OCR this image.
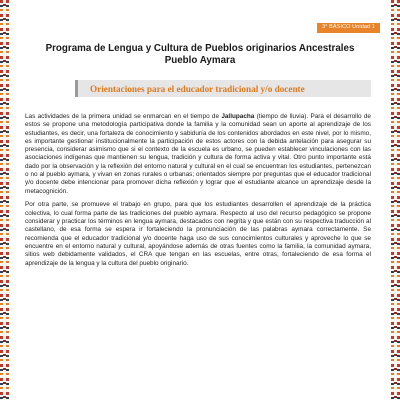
3° BÁSICO Unidad 1
Programa de Lengua y Cultura de Pueblos originarios Ancestrales
Pueblo Aymara
Orientaciones para el educador tradicional y/o docente

Las actividades de la primera unidad se enmarcan en el tiempo de Jallupacha (tiempo de lluvia). Para el desarrollo de estos se propone una metodología participativa donde la familia y la comunidad sean un aporte al aprendizaje de los estudiantes, es decir, una fortaleza de conocimiento y sabiduría de los contenidos abordados en este nivel, por lo mismo, es importante gestionar institucionalmente la participación de estos actores con la debida antelación para asegurar su presencia, considerar asimismo que si el contexto de la escuela es urbano, se pueden establecer vinculaciones con las asociaciones indígenas que mantienen su lengua, tradición y cultura de forma activa y vital. Otro punto importante está dado por la observación y la reflexión del entorno natural y cultural en el cual se encuentran los estudiantes, pertenezcan o no al pueblo aymara, y vivan en zonas rurales o urbanas; orientados siempre por preguntas que el educador tradicional y/o docente debe intencionar para promover dicha reflexión y lograr que el estudiante alcance un aprendizaje desde la metacognición.

Por otra parte, se promueve el trabajo en grupo, para que los estudiantes desarrollen el aprendizaje de la práctica colectiva, lo cual forma parte de las tradiciones del pueblo aymara. Respecto al uso del recurso pedagógico se propone considerar y practicar los términos en lengua aymara, destacados con negrita y que están con su respectiva traducción al castellano, de esa forma se espera ir fortaleciendo la pronunciación de las palabras aymara correctamente. Se recomienda que el educador tradicional y/o docente haga uso de sus conocimientos culturales y aproveche lo que se encuentre en el entorno natural y cultural, apoyándose además de otras fuentes como la familia, la comunidad aymara, sitios web debidamente validados, el CRA que tengan en las escuelas, entre otras, fortaleciendo de esa forma el aprendizaje de la lengua y la cultura del pueblo originario.
